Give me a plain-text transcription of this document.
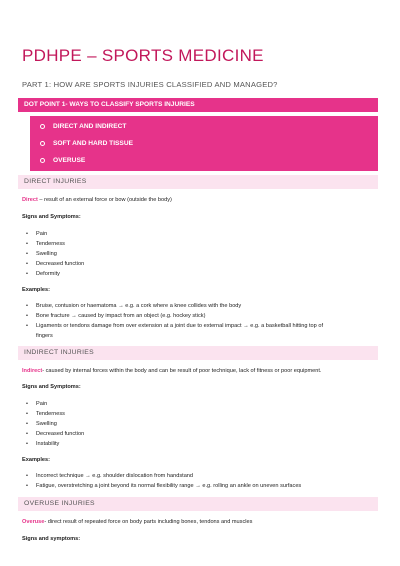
PDHPE – SPORTS MEDICINE
PART 1: HOW ARE SPORTS INJURIES CLASSIFIED AND MANAGED?
DOT POINT 1- WAYS TO CLASSIFY SPORTS INJURIES
DIRECT AND INDIRECT
SOFT AND HARD TISSUE
OVERUSE
DIRECT INJURIES
Direct – result of an external force or bow (outside the body)
Signs and Symptoms:
• Pain
• Tenderness
• Swelling
• Decreased function
• Deformity
Examples:
• Bruise, contusion or haematoma → e.g. a cork where a knee collides with the body
• Bone fracture → caused by impact from an object (e.g. hockey stick)
• Ligaments or tendons damage from over extension at a joint due to external impact → e.g. a basketball hitting top of
fingers
INDIRECT INJURIES
Indirect- caused by internal forces within the body and can be result of poor technique, lack of fitness or poor equipment.
Signs and Symptoms:
• Pain
• Tenderness
• Swelling
• Decreased function
• Instability
Examples:
• Incorrect technique → e.g. shoulder dislocation from handstand
• Fatigue, overstretching a joint beyond its normal flexibility range → e.g. rolling an ankle on uneven surfaces
OVERUSE INJURIES
Overuse- direct result of repeated force on body parts including bones, tendons and muscles
Signs and symptoms:
